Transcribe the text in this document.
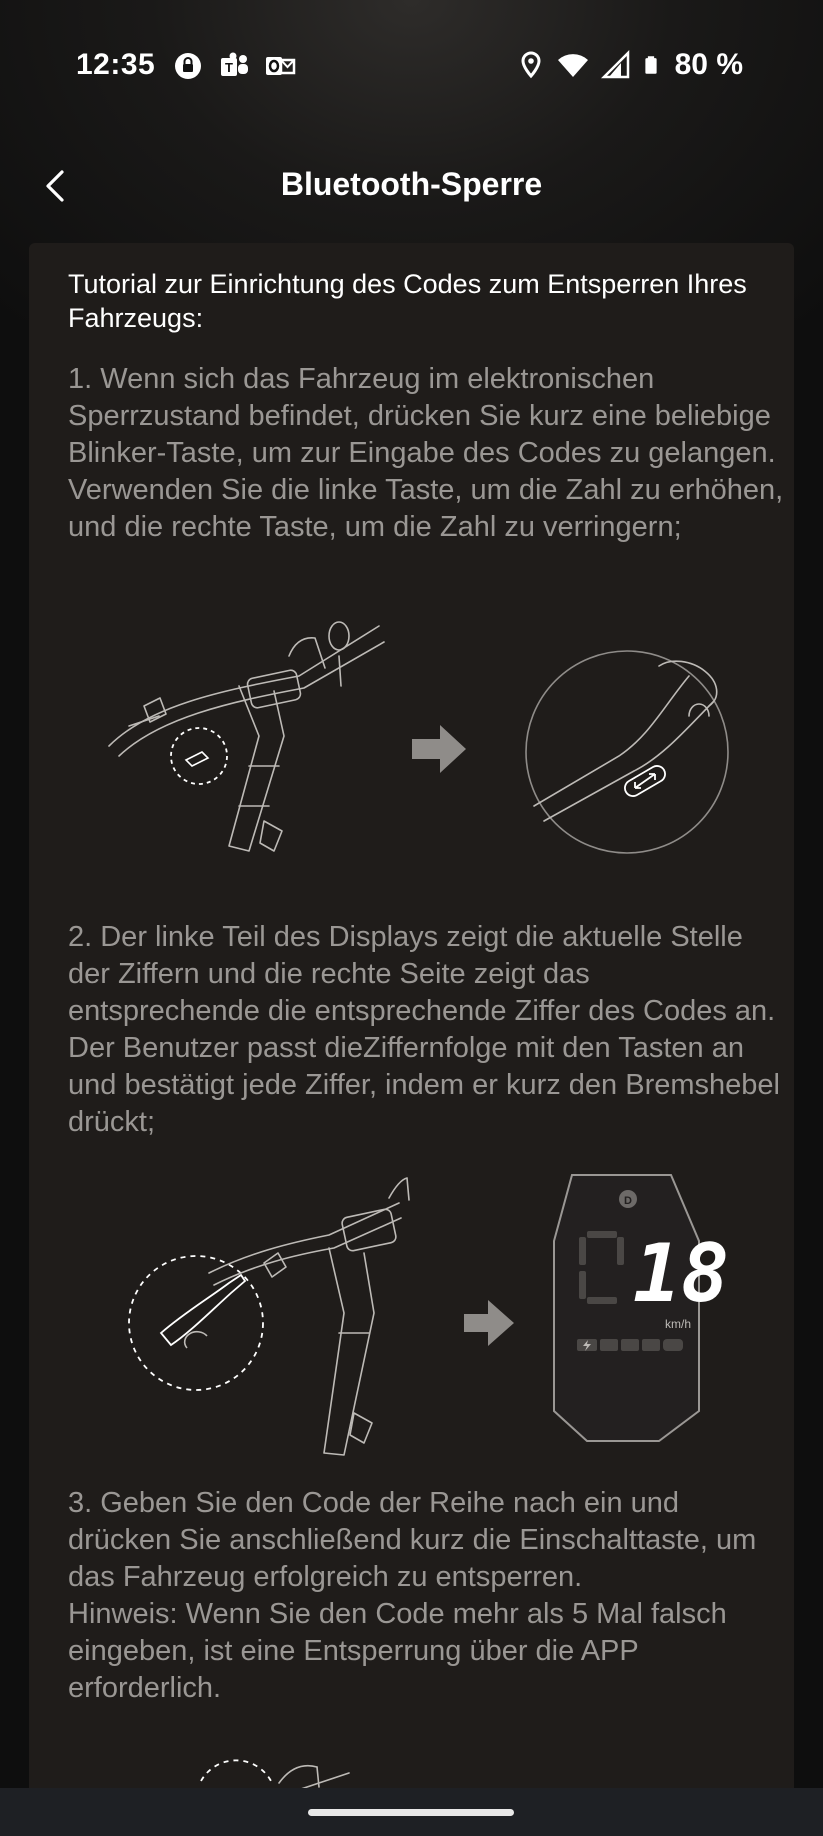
12:35	T	80 %
Bluetooth-Sperre
Tutorial zur Einrichtung des Codes zum Entsperren Ihres Fahrzeugs:
1. Wenn sich das Fahrzeug im elektronischen Sperrzustand befindet, drücken Sie kurz eine beliebige Blinker-Taste, um zur Eingabe des Codes zu gelangen. Verwenden Sie die linke Taste, um die Zahl zu erhöhen, und die rechte Taste, um die Zahl zu verringern;
2. Der linke Teil des Displays zeigt die aktuelle Stelle der Ziffern und die rechte Seite zeigt das entsprechende die entsprechende Ziffer des Codes an. Der Benutzer passt dieZiffernfolge mit den Tasten an und bestätigt jede Ziffer, indem er kurz den Bremshebel drückt;
D
18
km/h
3. Geben Sie den Code der Reihe nach ein und drücken Sie anschließend kurz die Einschalttaste, um das Fahrzeug erfolgreich zu entsperren.
Hinweis: Wenn Sie den Code mehr als 5 Mal falsch eingeben, ist eine Entsperrung über die APP erforderlich.
